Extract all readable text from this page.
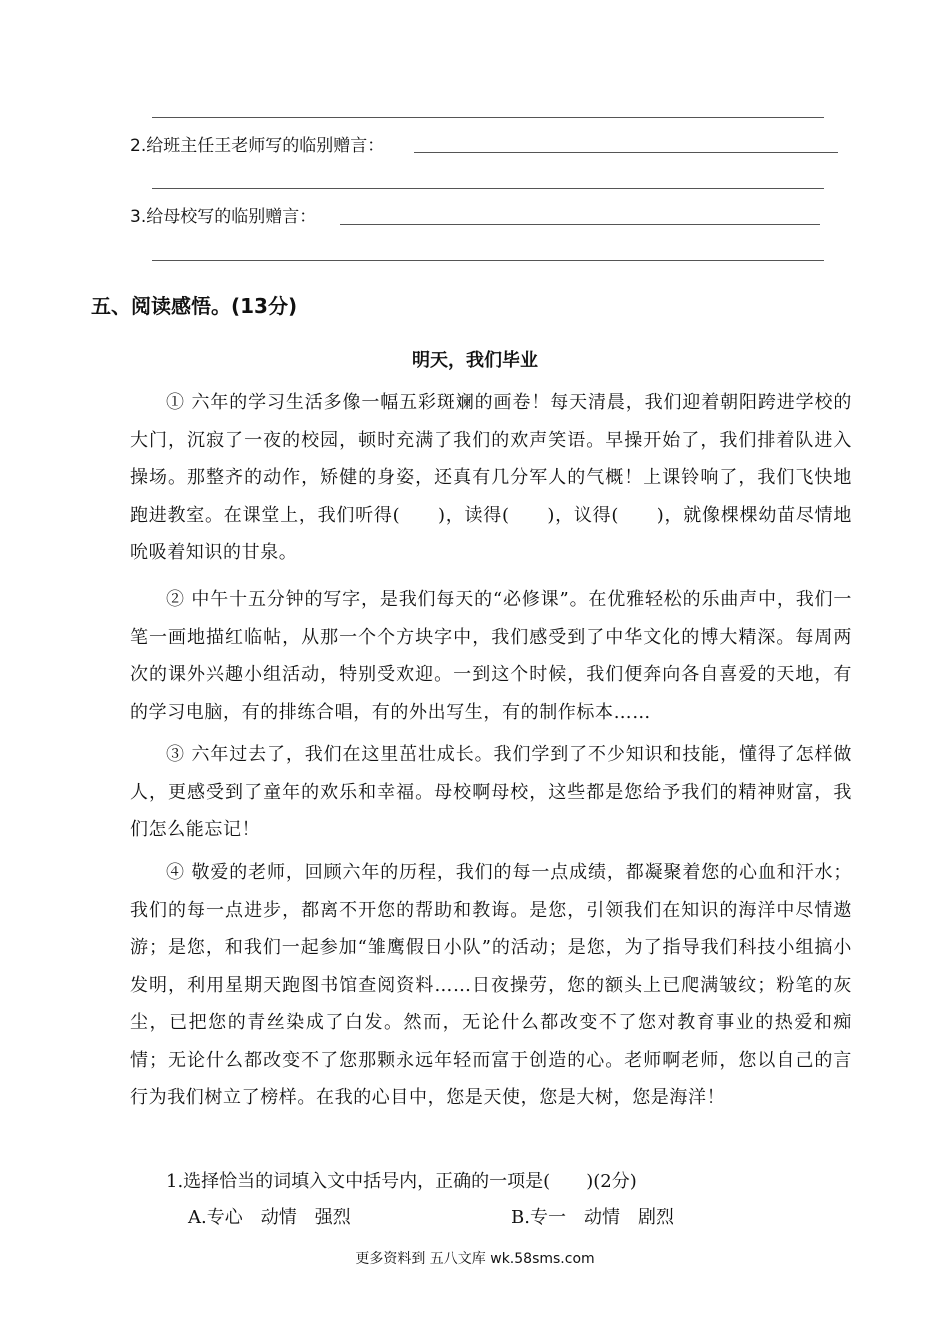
2.给班主任王老师写的临别赠言：
3.给母校写的临别赠言：
五、阅读感悟。(13分)
明天，我们毕业
① 六年的学习生活多像一幅五彩斑斓的画卷！每天清晨，我们迎着朝阳跨进学校的大门，沉寂了一夜的校园，顿时充满了我们的欢声笑语。早操开始了，我们排着队进入操场。那整齐的动作，矫健的身姿，还真有几分军人的气概！上课铃响了，我们飞快地跑进教室。在课堂上，我们听得(　　)，读得(　　)，议得(　　)，就像棵棵幼苗尽情地吮吸着知识的甘泉。
② 中午十五分钟的写字，是我们每天的“必修课”。在优雅轻松的乐曲声中，我们一笔一画地描红临帖，从那一个个方块字中，我们感受到了中华文化的博大精深。每周两次的课外兴趣小组活动，特别受欢迎。一到这个时候，我们便奔向各自喜爱的天地，有的学习电脑，有的排练合唱，有的外出写生，有的制作标本……
③ 六年过去了，我们在这里茁壮成长。我们学到了不少知识和技能，懂得了怎样做人，更感受到了童年的欢乐和幸福。母校啊母校，这些都是您给予我们的精神财富，我们怎么能忘记！
④ 敬爱的老师，回顾六年的历程，我们的每一点成绩，都凝聚着您的心血和汗水；我们的每一点进步，都离不开您的帮助和教诲。是您，引领我们在知识的海洋中尽情遨游；是您，和我们一起参加“雏鹰假日小队”的活动；是您，为了指导我们科技小组搞小发明，利用星期天跑图书馆查阅资料……日夜操劳，您的额头上已爬满皱纹；粉笔的灰尘，已把您的青丝染成了白发。然而，无论什么都改变不了您对教育事业的热爱和痴情；无论什么都改变不了您那颗永远年轻而富于创造的心。老师啊老师，您以自己的言行为我们树立了榜样。在我的心目中，您是天使，您是大树，您是海洋！
1.选择恰当的词填入文中括号内，正确的一项是(　　)(2分)
A.专心　动情　强烈	B.专一　动情　剧烈
更多资料到 五八文库 wk.58sms.com
